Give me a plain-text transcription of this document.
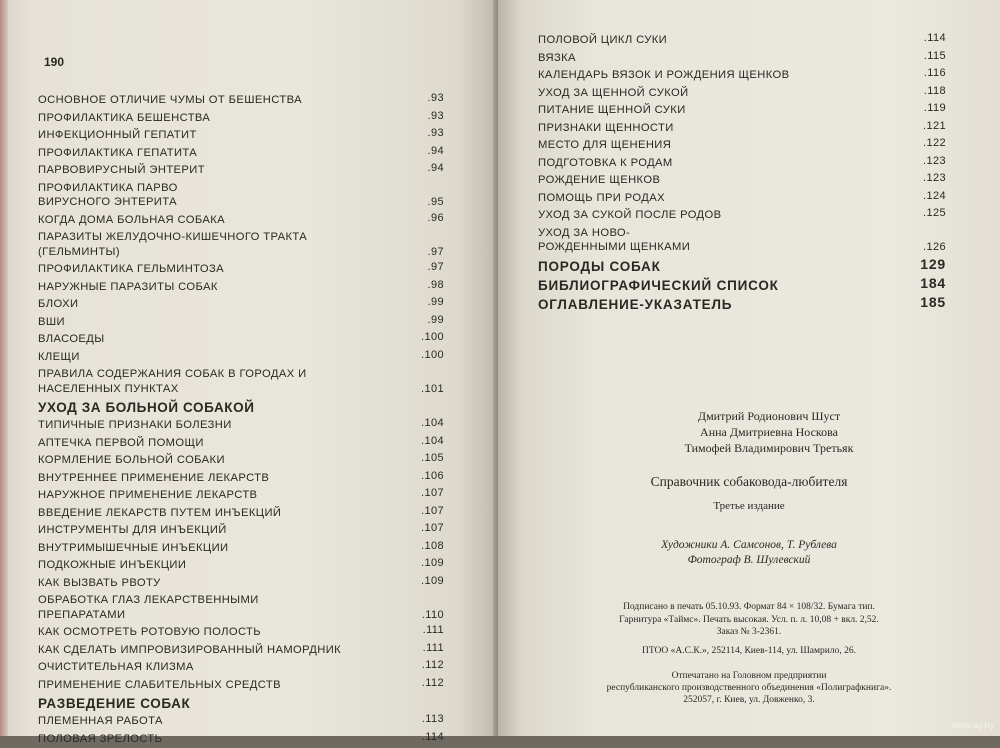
190
ОСНОВНОЕ ОТЛИЧИЕ ЧУМЫ ОТ БЕШЕНСТВА	.93
ПРОФИЛАКТИКА БЕШЕНСТВА	.93
ИНФЕКЦИОННЫЙ ГЕПАТИТ	.93
ПРОФИЛАКТИКА ГЕПАТИТА	.94
ПАРВОВИРУСНЫЙ ЭНТЕРИТ	.94
ПРОФИЛАКТИКА ПАРВО
ВИРУСНОГО ЭНТЕРИТА	.95
КОГДА ДОМА БОЛЬНАЯ СОБАКА	.96
ПАРАЗИТЫ ЖЕЛУДОЧНО-КИШЕЧНОГО ТРАКТА
(ГЕЛЬМИНТЫ)	.97
ПРОФИЛАКТИКА ГЕЛЬМИНТОЗА	.97
НАРУЖНЫЕ ПАРАЗИТЫ СОБАК	.98
БЛОХИ	.99
ВШИ	.99
ВЛАСОЕДЫ	.100
КЛЕЩИ	.100
ПРАВИЛА СОДЕРЖАНИЯ СОБАК В ГОРОДАХ И
НАСЕЛЕННЫХ ПУНКТАХ	.101
УХОД ЗА БОЛЬНОЙ СОБАКОЙ
ТИПИЧНЫЕ ПРИЗНАКИ БОЛЕЗНИ	.104
АПТЕЧКА ПЕРВОЙ ПОМОЩИ	.104
КОРМЛЕНИЕ БОЛЬНОЙ СОБАКИ	.105
ВНУТРЕННЕЕ ПРИМЕНЕНИЕ ЛЕКАРСТВ	.106
НАРУЖНОЕ ПРИМЕНЕНИЕ ЛЕКАРСТВ	.107
ВВЕДЕНИЕ ЛЕКАРСТВ ПУТЕМ ИНЪЕКЦИЙ	.107
ИНСТРУМЕНТЫ ДЛЯ ИНЪЕКЦИЙ	.107
ВНУТРИМЫШЕЧНЫЕ ИНЪЕКЦИИ	.108
ПОДКОЖНЫЕ ИНЪЕКЦИИ	.109
КАК ВЫЗВАТЬ РВОТУ	.109
ОБРАБОТКА ГЛАЗ ЛЕКАРСТВЕННЫМИ
ПРЕПАРАТАМИ	.110
КАК ОСМОТРЕТЬ РОТОВУЮ ПОЛОСТЬ	.111
КАК СДЕЛАТЬ ИМПРОВИЗИРОВАННЫЙ НАМОРДНИК	.111
ОЧИСТИТЕЛЬНАЯ КЛИЗМА	.112
ПРИМЕНЕНИЕ СЛАБИТЕЛЬНЫХ СРЕДСТВ	.112
РАЗВЕДЕНИЕ СОБАК
ПЛЕМЕННАЯ РАБОТА	.113
ПОЛОВАЯ ЗРЕЛОСТЬ	.114
ПОЛОВОЙ ЦИКЛ СУКИ	.114
ВЯЗКА	.115
КАЛЕНДАРЬ ВЯЗОК И РОЖДЕНИЯ ЩЕНКОВ	.116
УХОД ЗА ЩЕННОЙ СУКОЙ	.118
ПИТАНИЕ ЩЕННОЙ СУКИ	.119
ПРИЗНАКИ ЩЕННОСТИ	.121
МЕСТО ДЛЯ ЩЕНЕНИЯ	.122
ПОДГОТОВКА К РОДАМ	.123
РОЖДЕНИЕ ЩЕНКОВ	.123
ПОМОЩЬ ПРИ РОДАХ	.124
УХОД ЗА СУКОЙ ПОСЛЕ РОДОВ	.125
УХОД ЗА НОВО-
РОЖДЕННЫМИ ЩЕНКАМИ	.126
ПОРОДЫ СОБАК	129
БИБЛИОГРАФИЧЕСКИЙ СПИСОК	184
ОГЛАВЛЕНИЕ-УКАЗАТЕЛЬ	185
Дмитрий Родионович Шуст
Анна Дмитриевна Носкова
Тимофей Владимирович Третьяк
Справочник собаковода-любителя
Третье издание
Художники А. Самсонов, Т. Рублева
Фотограф В. Шулевский
Подписано в печать 05.10.93. Формат 84 × 108/32. Бумага тип.
Гарнитура «Таймс». Печать высокая. Усл. п. л. 10,08 + вкл. 2,52.
Заказ № 3-2361.
ПТОО «А.С.К.», 252114, Киев-114, ул. Шамрило, 26.
Отпечатано на Головном предприятии
республиканского производственного объединения «Полиграфкнига».
252057, г. Киев, ул. Довженко, 3.
www.ay.by
